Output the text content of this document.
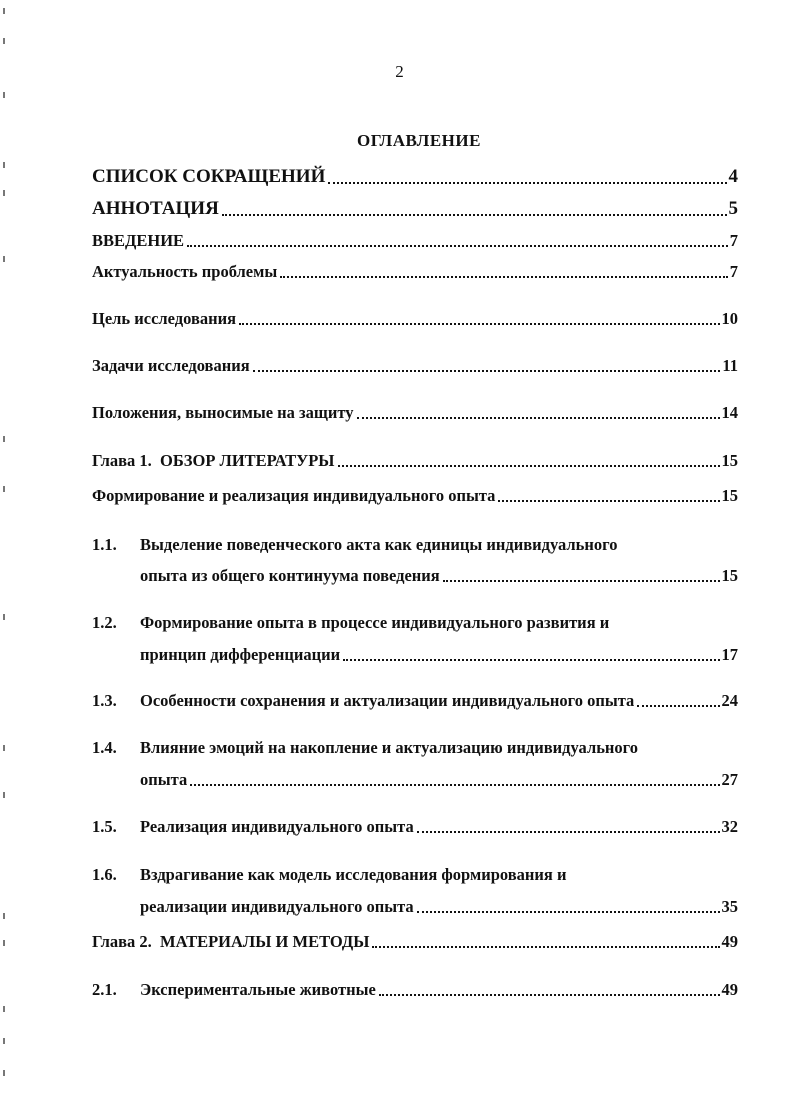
2
ОГЛАВЛЕНИЕ
СПИСОК СОКРАЩЕНИЙ	4
АННОТАЦИЯ	5
ВВЕДЕНИЕ	7
Актуальность проблемы	7
Цель исследования	10
Задачи исследования	11
Положения, выносимые на защиту	14
Глава 1.  ОБЗОР ЛИТЕРАТУРЫ	15
Формирование и реализация индивидуального опыта	15
1.1. Выделение поведенческого акта как единицы индивидуального
опыта из общего континуума поведения	15
1.2. Формирование опыта в процессе индивидуального развития и
принцип дифференциации	17
1.3. Особенности сохранения и актуализации индивидуального опыта	24
1.4. Влияние эмоций на накопление и актуализацию индивидуального
опыта	27
1.5. Реализация индивидуального опыта	32
1.6. Вздрагивание как модель исследования формирования и
реализации индивидуального опыта	35
Глава 2.  МАТЕРИАЛЫ И МЕТОДЫ	49
2.1. Экспериментальные животные	49
